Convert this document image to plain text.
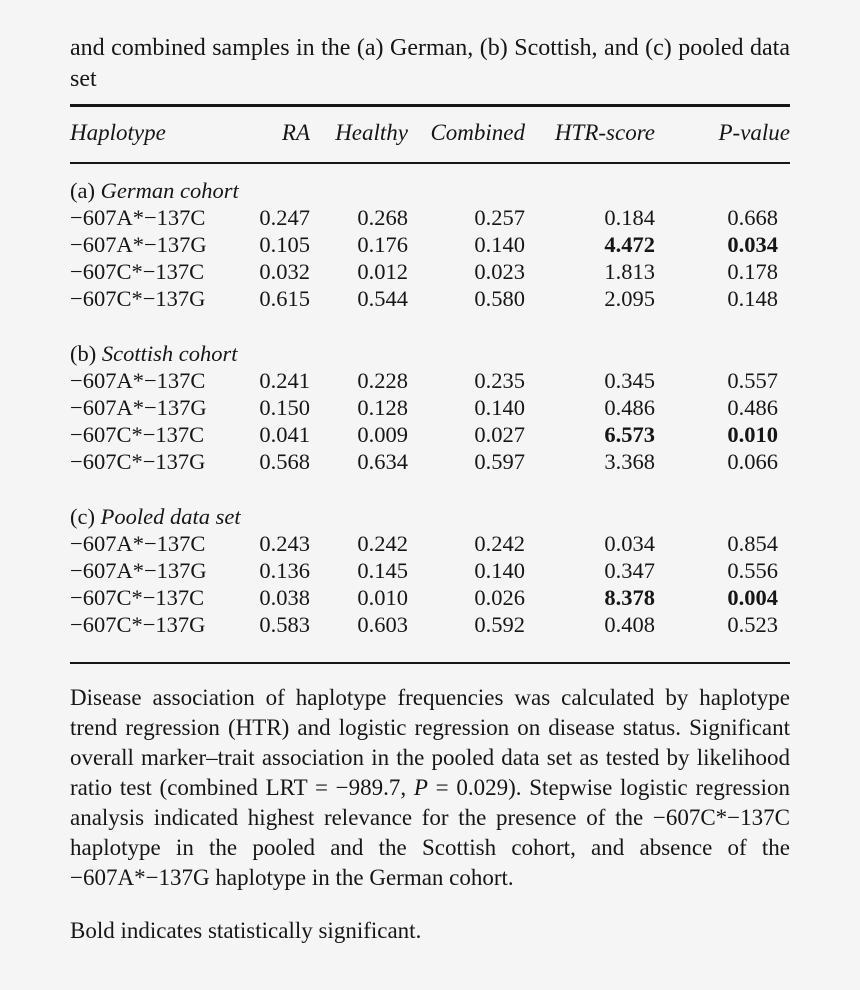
and combined samples in the (a) German, (b) Scottish, and (c) pooled data set

Haplotype	RA	Healthy	Combined	HTR-score	P-value
(a) German cohort					
−607A*−137C	0.247	0.268	0.257	0.184	0.668
−607A*−137G	0.105	0.176	0.140	4.472	0.034
−607C*−137C	0.032	0.012	0.023	1.813	0.178
−607C*−137G	0.615	0.544	0.580	2.095	0.148
(b) Scottish cohort					
−607A*−137C	0.241	0.228	0.235	0.345	0.557
−607A*−137G	0.150	0.128	0.140	0.486	0.486
−607C*−137C	0.041	0.009	0.027	6.573	0.010
−607C*−137G	0.568	0.634	0.597	3.368	0.066
(c) Pooled data set					
−607A*−137C	0.243	0.242	0.242	0.034	0.854
−607A*−137G	0.136	0.145	0.140	0.347	0.556
−607C*−137C	0.038	0.010	0.026	8.378	0.004
−607C*−137G	0.583	0.603	0.592	0.408	0.523

Disease association of haplotype frequencies was calculated by haplotype trend regression (HTR) and logistic regression on disease status. Significant overall marker–trait association in the pooled data set as tested by likelihood ratio test (combined LRT = −989.7, P = 0.029). Stepwise logistic regression analysis indicated highest relevance for the presence of the −607C*−137C haplotype in the pooled and the Scottish cohort, and absence of the −607A*−137G haplotype in the German cohort.

Bold indicates statistically significant.
